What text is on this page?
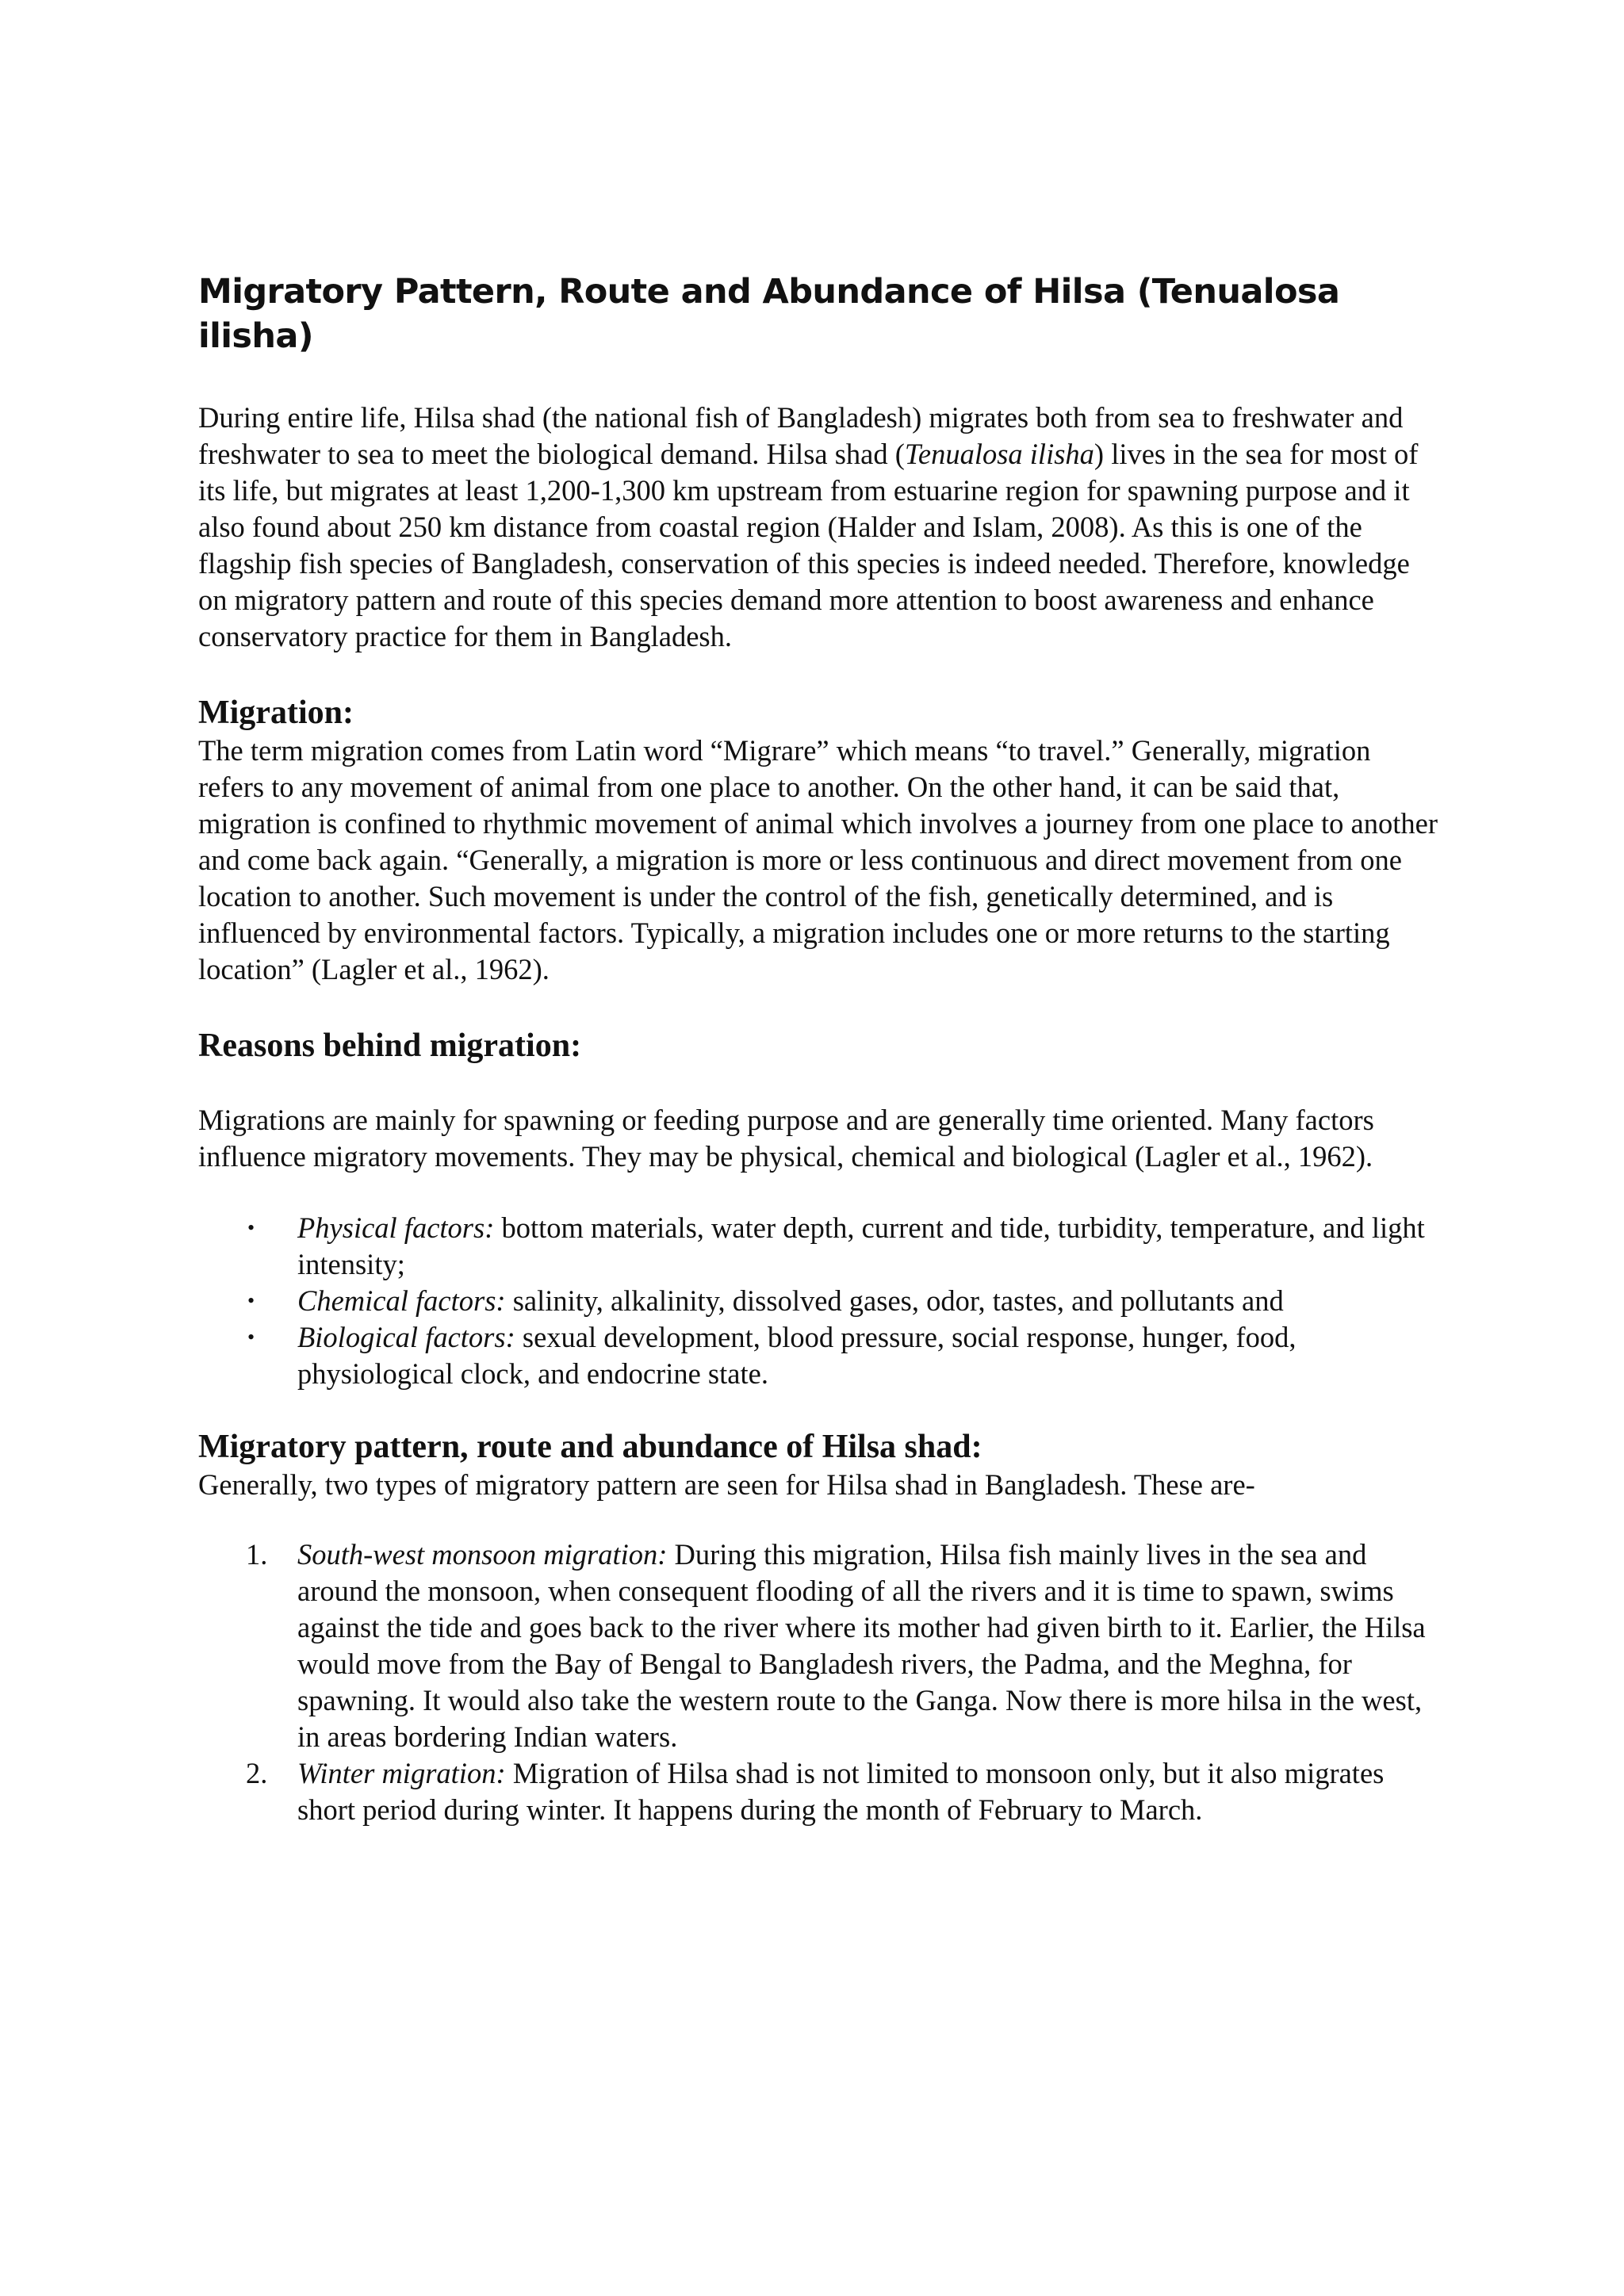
Migratory Pattern, Route and Abundance of Hilsa (Tenualosa ilisha)

During entire life, Hilsa shad (the national fish of Bangladesh) migrates both from sea to freshwater and freshwater to sea to meet the biological demand. Hilsa shad (Tenualosa ilisha) lives in the sea for most of its life, but migrates at least 1,200-1,300 km upstream from estuarine region for spawning purpose and it also found about 250 km distance from coastal region (Halder and Islam, 2008). As this is one of the flagship fish species of Bangladesh, conservation of this species is indeed needed. Therefore, knowledge on migratory pattern and route of this species demand more attention to boost awareness and enhance conservatory practice for them in Bangladesh.

Migration:

The term migration comes from Latin word “Migrare” which means “to travel.” Generally, migration refers to any movement of animal from one place to another. On the other hand, it can be said that, migration is confined to rhythmic movement of animal which involves a journey from one place to another and come back again. “Generally, a migration is more or less continuous and direct movement from one location to another. Such movement is under the control of the fish, genetically determined, and is influenced by environmental factors. Typically, a migration includes one or more returns to the starting location” (Lagler et al., 1962).

Reasons behind migration:

Migrations are mainly for spawning or feeding purpose and are generally time oriented. Many factors influence migratory movements. They may be physical, chemical and biological (Lagler et al., 1962).

• Physical factors: bottom materials, water depth, current and tide, turbidity, temperature, and light intensity;
• Chemical factors: salinity, alkalinity, dissolved gases, odor, tastes, and pollutants and
• Biological factors: sexual development, blood pressure, social response, hunger, food, physiological clock, and endocrine state.
Migratory pattern, route and abundance of Hilsa shad:

Generally, two types of migratory pattern are seen for Hilsa shad in Bangladesh. These are-

1. South-west monsoon migration: During this migration, Hilsa fish mainly lives in the sea and around the monsoon, when consequent flooding of all the rivers and it is time to spawn, swims against the tide and goes back to the river where its mother had given birth to it. Earlier, the Hilsa would move from the Bay of Bengal to Bangladesh rivers, the Padma, and the Meghna, for spawning. It would also take the western route to the Ganga. Now there is more hilsa in the west, in areas bordering Indian waters.
2. Winter migration: Migration of Hilsa shad is not limited to monsoon only, but it also migrates short period during winter. It happens during the month of February to March.
